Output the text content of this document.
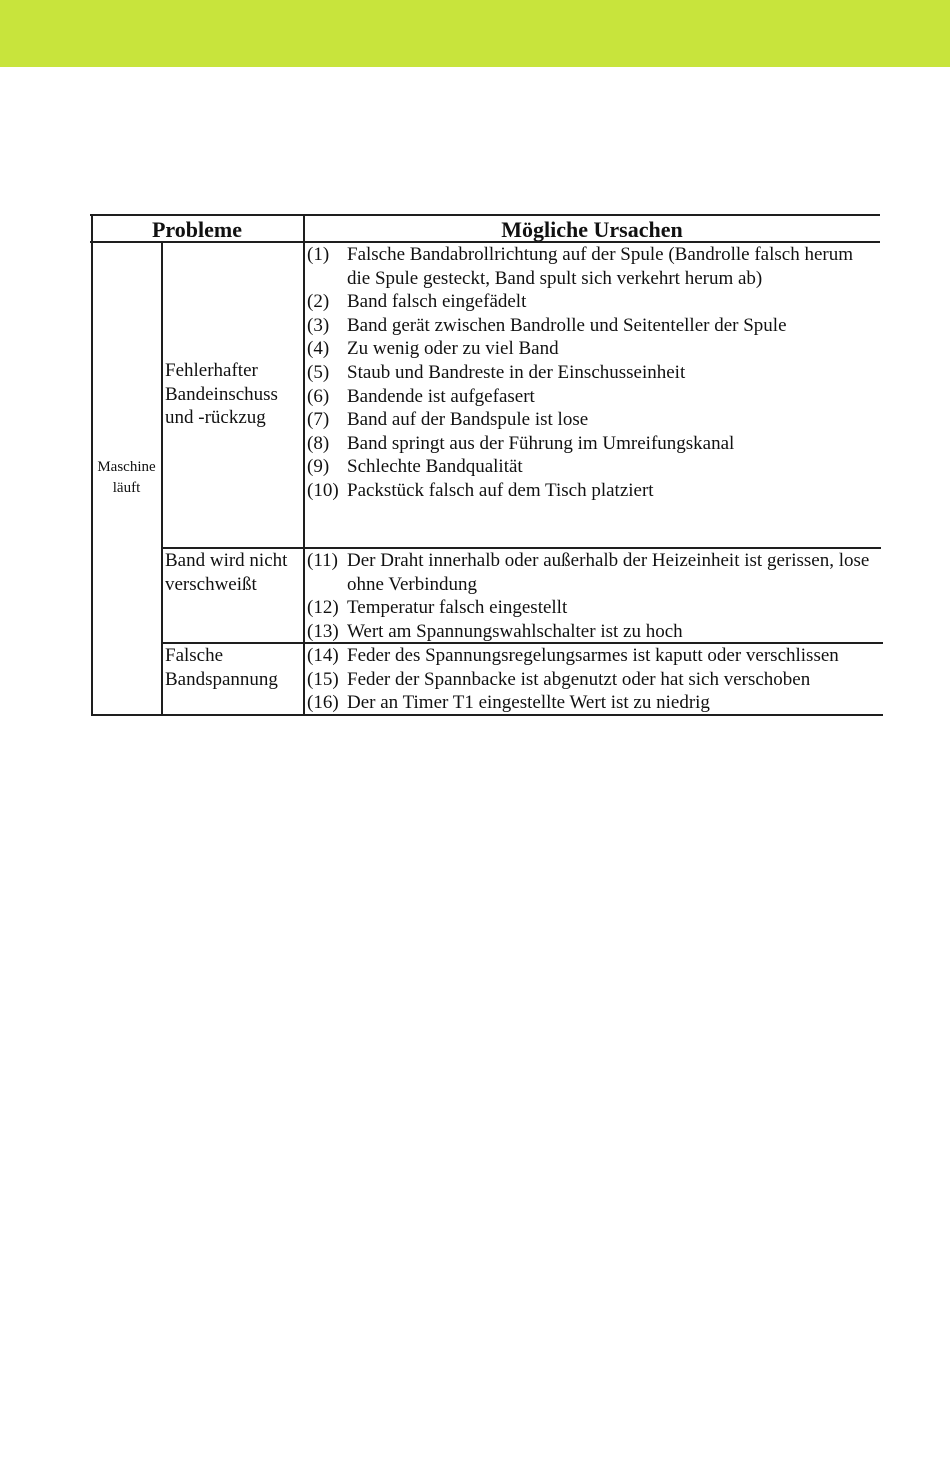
Probleme	Mögliche Ursachen
Maschine läuft
Fehlerhafter Bandeinschuss und -rückzug
Band wird nicht verschweißt
Falsche Bandspannung
(1) Falsche Bandabrollrichtung auf der Spule (Bandrolle falsch herum die Spule gesteckt, Band spult sich verkehrt herum ab)
(2) Band falsch eingefädelt
(3) Band gerät zwischen Bandrolle und Seitenteller der Spule
(4) Zu wenig oder zu viel Band
(5) Staub und Bandreste in der Einschusseinheit
(6) Bandende ist aufgefasert
(7) Band auf der Bandspule ist lose
(8) Band springt aus der Führung im Umreifungskanal
(9) Schlechte Bandqualität
(10) Packstück falsch auf dem Tisch platziert
(11) Der Draht innerhalb oder außerhalb der Heizeinheit ist gerissen, lose ohne Verbindung
(12) Temperatur falsch eingestellt
(13) Wert am Spannungswahlschalter ist zu hoch
(14) Feder des Spannungsregelungsarmes ist kaputt oder verschlissen
(15) Feder der Spannbacke ist abgenutzt oder hat sich verschoben
(16) Der an Timer T1 eingestellte Wert ist zu niedrig
